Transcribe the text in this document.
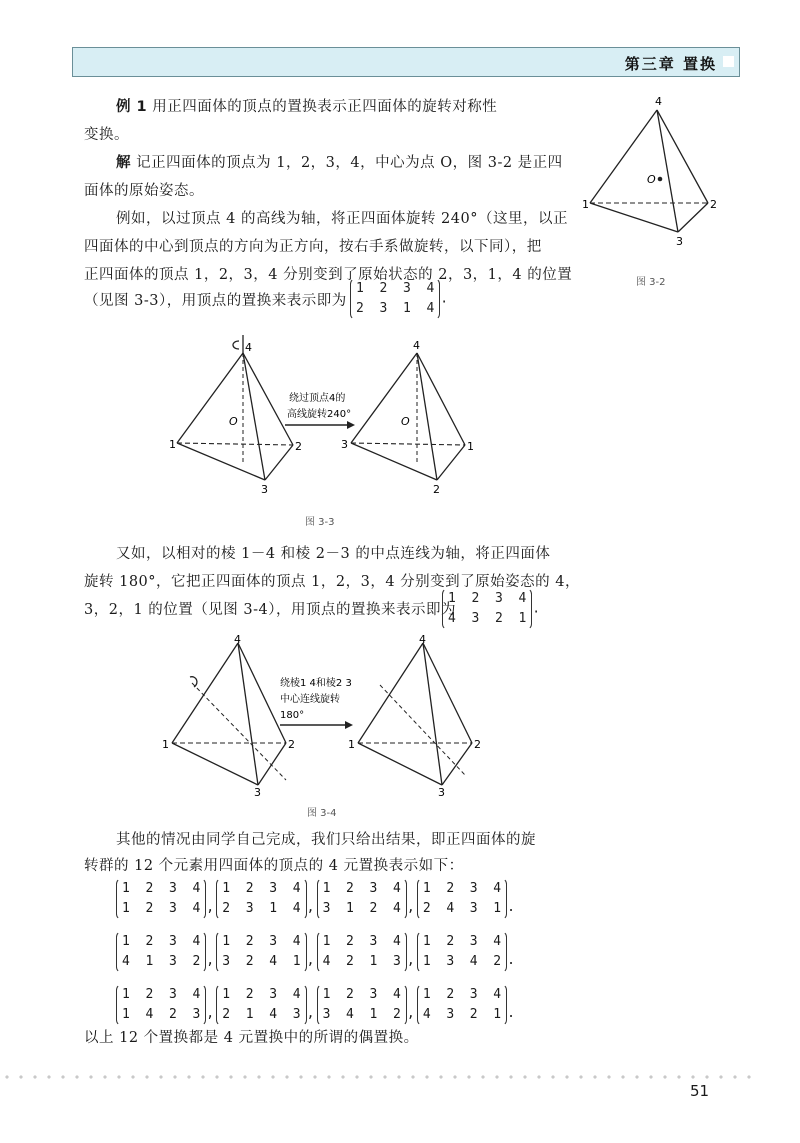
第三章 置换

例 1 用正四面体的顶点的置换表示正四面体的旋转对称性

变换。

解 记正四面体的顶点为 1，2，3，4，中心为点 O，图 3-2 是正四

面体的原始姿态。

例如，以过顶点 4 的高线为轴，将正四面体旋转 240°（这里，以正

四面体的中心到顶点的方向为正方向，按右手系做旋转，以下同），把

正四面体的顶点 1，2，3，4 分别变到了原始状态的 2，3，1，4 的位置

（见图 3-3），用顶点的置换来表示即为

1  2  3  4
2  3  1  4
.
4
1	2
3
O
图 3-2
4
1	2
3
O
绕过顶点4的
高线旋转240°
4
3	1
2
O
图 3-3

又如，以相对的棱 1－4 和棱 2－3 的中点连线为轴，将正四面体

旋转 180°，它把正四面体的顶点 1，2，3，4 分别变到了原始姿态的 4，

3，2，1 的位置（见图 3-4），用顶点的置换来表示即为

1  2  3  4
4  3  2  1
.
4
1	2
3
绕棱1 4和棱2 3
中心连线旋转
180°
4
1	2
3
图 3-4

其他的情况由同学自己完成，我们只给出结果，即正四面体的旋

转群的 12 个元素用四面体的顶点的 4 元置换表示如下：

1  2  3  4
1  2  3  4 ,
1  2  3  4
2  3  1  4 ,
1  2  3  4
3  1  2  4 ,
1  2  3  4
2  4  3  1 .
1  2  3  4
4  1  3  2 ,
1  2  3  4
3  2  4  1 ,
1  2  3  4
4  2  1  3 ,
1  2  3  4
1  3  4  2 .
1  2  3  4
1  4  2  3 ,
1  2  3  4
2  1  4  3 ,
1  2  3  4
3  4  1  2 ,
1  2  3  4
4  3  2  1 .

以上 12 个置换都是 4 元置换中的所谓的偶置换。

51
